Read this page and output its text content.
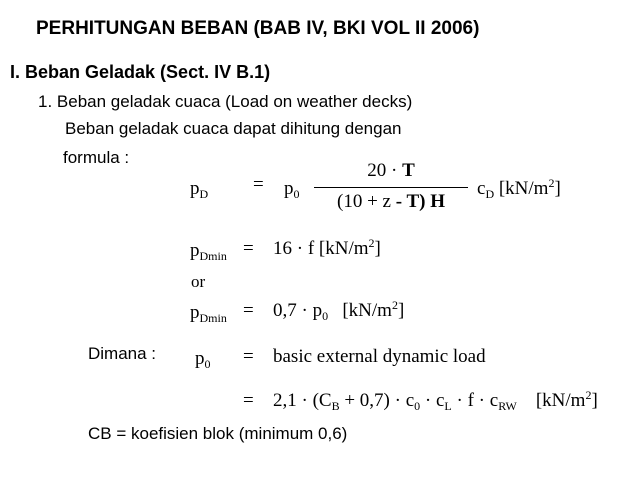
PERHITUNGAN BEBAN (BAB IV, BKI VOL II 2006)
I. Beban Geladak (Sect. IV B.1)
1. Beban geladak cuaca (Load on weather decks)
Beban geladak cuaca dapat dihitung dengan
formula :
$p_D = p_0$
20 · T
(10 + z - T) H
$c_D$ $[kN/m^2]$
$p_{Dmin} = 16 \cdot f$ $[kN/m^2]$
or
$p_{Dmin} = 0,7 \cdot p_0$   $[kN/m^2]$
Dimana : $p_0$ = basic external dynamic load
= $2,1 \cdot (C_B + 0,7) \cdot c_0 \cdot c_L \cdot f \cdot c_{RW}$    $[kN/m^2]$
CB = koefisien blok (minimum 0,6)
